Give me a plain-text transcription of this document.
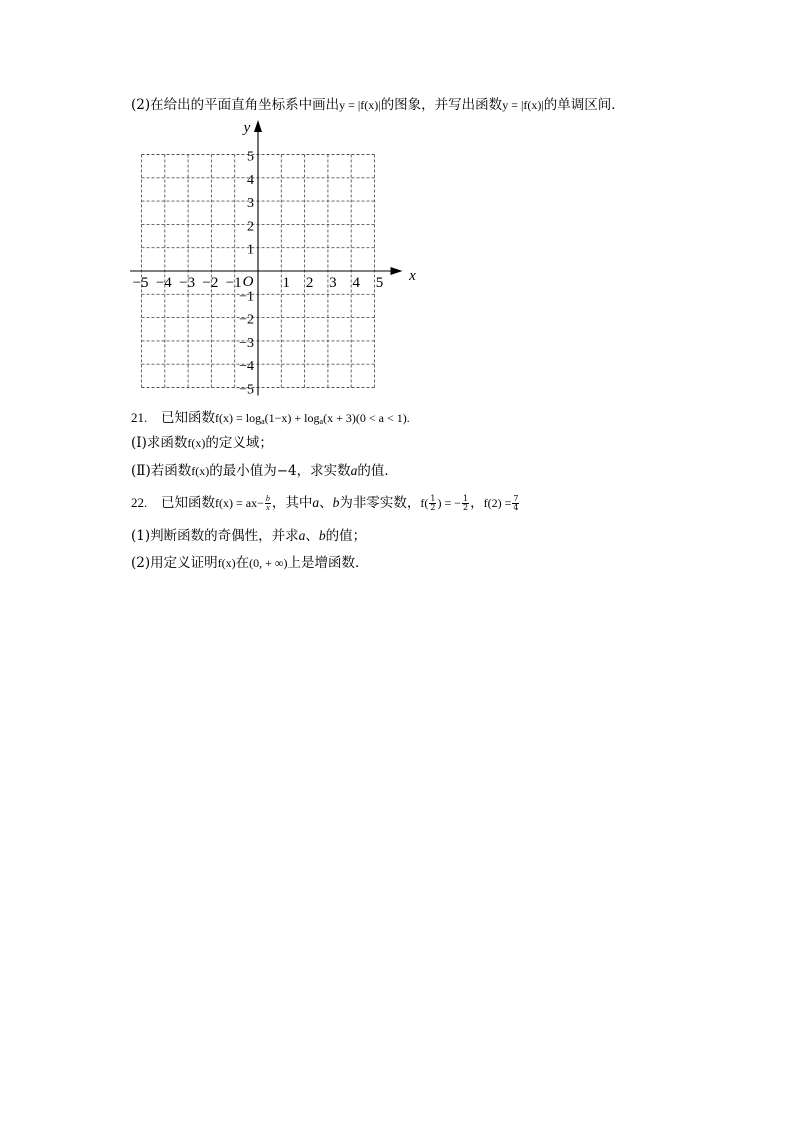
(2)在给出的平面直角坐标系中画出y = |f(x)|的图象，并写出函数y = |f(x)|的单调区间．
x
y
O
−5 −4 −3 −2 −1	1 2 3 4 5
5
4
3
2
1
−1
−2
−3
−4
−5
21. 已知函数$f(x) = \log_a(1-x) + \log_a(x + 3)(0 < a < 1)$.
(Ⅰ)求函数f(x)的定义域；
(Ⅱ)若函数f(x)的最小值为−4，求实数a的值．
22. 已知函数$f(x) = ax- \frac{b}{x}$ ，其中a、b为非零实数，$f( \frac{1}{2}$ ) = − $\frac{1}{2}$ ，$f(2) = \frac{7}{4}$
(1)判断函数的奇偶性，并求a、b的值；
(2)用定义证明f(x)在(0, + ∞)上是增函数．
